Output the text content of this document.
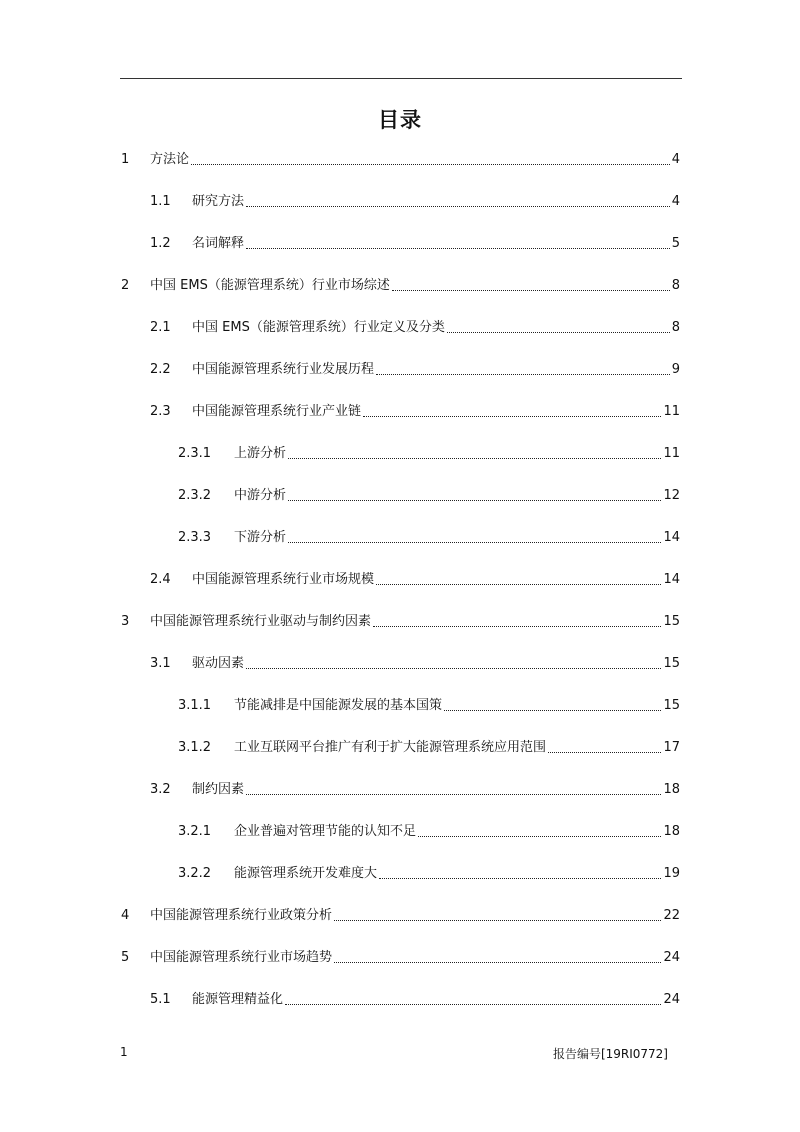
目录
1	方法论	4
1.1	研究方法	4
1.2	名词解释	5
2	中国 EMS（能源管理系统）行业市场综述	8
2.1	中国 EMS（能源管理系统）行业定义及分类	8
2.2	中国能源管理系统行业发展历程	9
2.3	中国能源管理系统行业产业链	11
2.3.1	上游分析	11
2.3.2	中游分析	12
2.3.3	下游分析	14
2.4	中国能源管理系统行业市场规模	14
3	中国能源管理系统行业驱动与制约因素	15
3.1	驱动因素	15
3.1.1	节能减排是中国能源发展的基本国策	15
3.1.2	工业互联网平台推广有利于扩大能源管理系统应用范围	17
3.2	制约因素	18
3.2.1	企业普遍对管理节能的认知不足	18
3.2.2	能源管理系统开发难度大	19
4	中国能源管理系统行业政策分析	22
5	中国能源管理系统行业市场趋势	24
5.1	能源管理精益化	24
1	报告编号[19RI0772]
